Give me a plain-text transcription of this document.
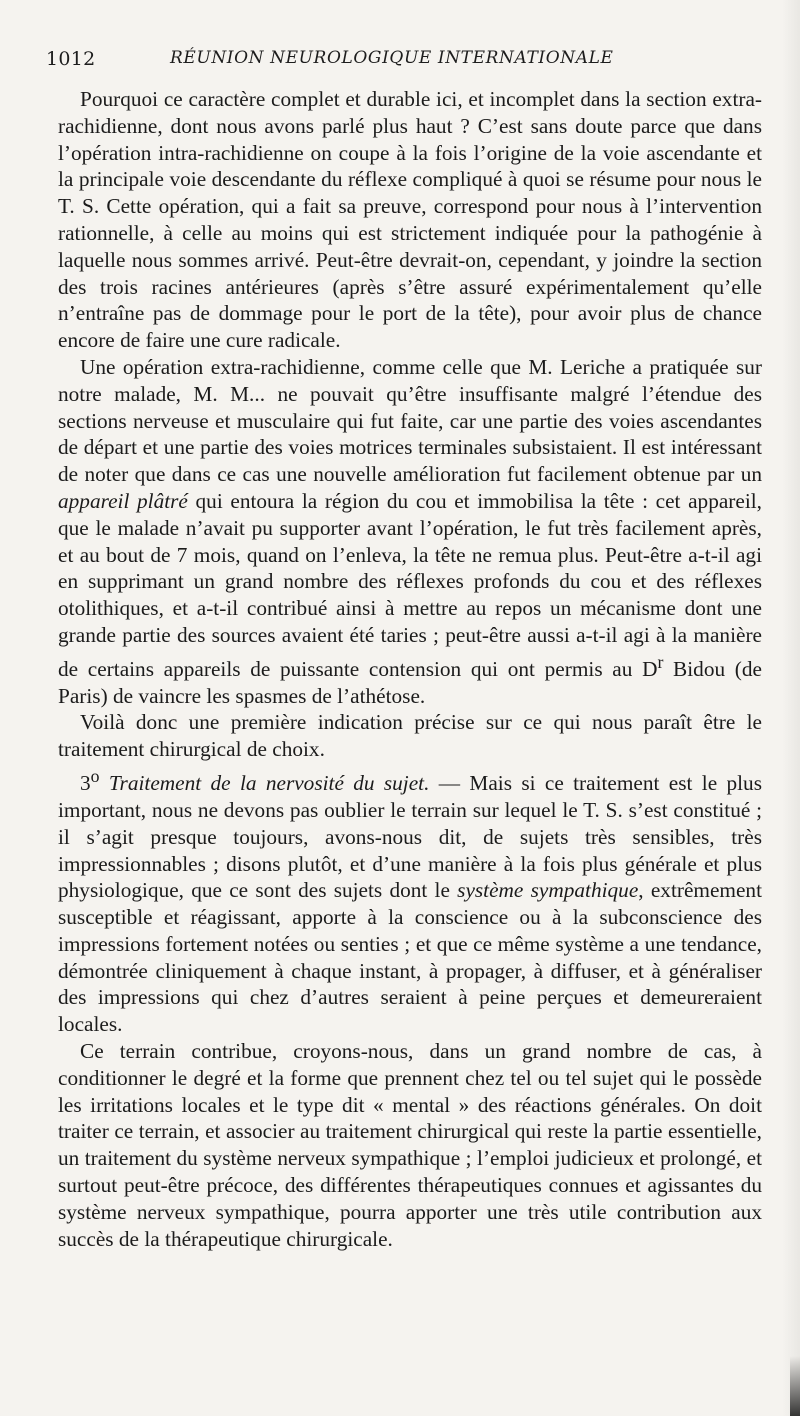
1012	RÉUNION NEUROLOGIQUE INTERNATIONALE

Pourquoi ce caractère complet et durable ici, et incomplet dans la section extra-rachidienne, dont nous avons parlé plus haut ? C’est sans doute parce que dans l’opération intra-rachidienne on coupe à la fois l’origine de la voie ascendante et la principale voie descendante du réflexe compliqué à quoi se résume pour nous le T. S. Cette opération, qui a fait sa preuve, correspond pour nous à l’intervention rationnelle, à celle au moins qui est strictement indiquée pour la pathogénie à laquelle nous sommes arrivé. Peut-être devrait-on, cependant, y joindre la section des trois racines antérieures (après s’être assuré expérimentalement qu’elle n’entraîne pas de dommage pour le port de la tête), pour avoir plus de chance encore de faire une cure radicale.

Une opération extra-rachidienne, comme celle que M. Leriche a pratiquée sur notre malade, M. M... ne pouvait qu’être insuffisante malgré l’étendue des sections nerveuse et musculaire qui fut faite, car une partie des voies ascendantes de départ et une partie des voies motrices terminales subsistaient. Il est intéressant de noter que dans ce cas une nouvelle amélioration fut facilement obtenue par un appareil plâtré qui entoura la région du cou et immobilisa la tête : cet appareil, que le malade n’avait pu supporter avant l’opération, le fut très facilement après, et au bout de 7 mois, quand on l’enleva, la tête ne remua plus. Peut-être a-t-il agi en supprimant un grand nombre des réflexes profonds du cou et des réflexes otolithiques, et a-t-il contribué ainsi à mettre au repos un mécanisme dont une grande partie des sources avaient été taries ; peut-être aussi a-t-il agi à la manière de certains appareils de puissante contension qui ont permis au $D^r$ Bidou (de Paris) de vaincre les spasmes de l’athétose.

Voilà donc une première indication précise sur ce qui nous paraît être le traitement chirurgical de choix.

3$^o$ Traitement de la nervosité du sujet. — Mais si ce traitement est le plus important, nous ne devons pas oublier le terrain sur lequel le T. S. s’est constitué ; il s’agit presque toujours, avons-nous dit, de sujets très sensibles, très impressionnables ; disons plutôt, et d’une manière à la fois plus générale et plus physiologique, que ce sont des sujets dont le système sympathique, extrêmement susceptible et réagissant, apporte à la conscience ou à la subconscience des impressions fortement notées ou senties ; et que ce même système a une tendance, démontrée cliniquement à chaque instant, à propager, à diffuser, et à généraliser des impressions qui chez d’autres seraient à peine perçues et demeureraient locales.

Ce terrain contribue, croyons-nous, dans un grand nombre de cas, à conditionner le degré et la forme que prennent chez tel ou tel sujet qui le possède les irritations locales et le type dit « mental » des réactions générales. On doit traiter ce terrain, et associer au traitement chirurgical qui reste la partie essentielle, un traitement du système nerveux sympathique ; l’emploi judicieux et prolongé, et surtout peut-être précoce, des différentes thérapeutiques connues et agissantes du système nerveux sympathique, pourra apporter une très utile contribution aux succès de la thérapeutique chirurgicale.
